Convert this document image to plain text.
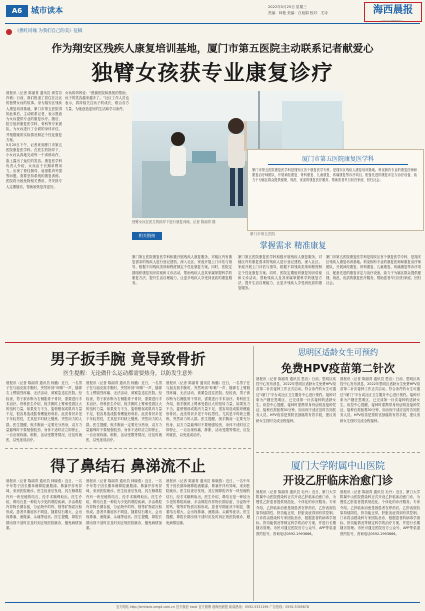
A6	城市读本	2022年5月25日 星期三
责编：林艳 美编：白旭娟 校对：尤诗	海西晨报
HAIXI CHENBAO
《携红同缘 为我们自己的美》征稿
作为翔安区残疾人康复培训基地，厦门市第五医院主动联系记者献爱心
独臂女孩获专业康复诊疗
晨报讯（记者 陈丽青 通讯员 黄雪芬 肖敏）日前，我们报道了居住在社区的独臂女孩的故事。身为翔安区残疾人康复培训基地，厦门市第五医院得知此事后，主动联系记者，表示愿意为女孩提供专业的康复诊疗。随后，院方组织康复医学科、骨科等专家团队，为女孩进行了全面的身体评估，并根据她的实际情况制定个性化康复方案。
5月20日下午，记者来到厦门市第五医院康复医学科。在医生的指导下，小女孩认真地完成每一个训练动作，脸上露出了灿烂的笑容。康复医学科负责人介绍，女孩由于长期单臂用力，出现了脊柱侧弯、肩颈肌肉劳损等问题，需要坚持系统的康复训练。医院将为她免除相关费用，并安排专人定期随访，帮助她恢复得更好。
女孩的妈妈说：“感谢医院和晨报的帮助，孩子的笑容越来越多了。”社区工作人员也表示，将持续关注孩子的成长，联合各方力量，为她创造更好的生活和学习条件。
独臂女孩在医生的指导下进行康复训练。记者 陈丽青 摄
厦门市第五医院康复医学科
厦门市第五医院康复医学科是翔安区首个康复医学专科，是翔安区残疾人康复培训基地。科室拥有专业的康复医师和康复治疗师团队，开展神经康复、骨科康复、儿童康复、疼痛康复等诊疗项目，配备先进的康复评定与治疗设备，致力于为辖区群众提供便捷、规范、优质的康复医疗服务，帮助患者早日回归家庭、回归社会。
相关链接	厦门市第五医院
掌握需求 精准康复
厦门第五医院康复医学科积极开展残疾人康复服务，对辖区内有康复需求的残疾人进行登记建档，深入社区、家庭开展上门评估与指导，根据不同残疾类别和程度制定个性化康复方案。同时，医院定期组织康复知识讲座和义诊活动，帮助残疾人及其家属掌握科学的康复方法，提升生活自理能力，让更多残疾人享受到优质的康复服务。
厦门第五医院康复医学科积极开展残疾人康复服务，对辖区内有康复需求的残疾人进行登记建档，深入社区、家庭开展上门评估与指导，根据不同残疾类别和程度制定个性化康复方案。同时，医院定期组织康复知识讲座和义诊活动，帮助残疾人及其家属掌握科学的康复方法，提升生活自理能力，让更多残疾人享受到优质的康复服务。
厦门市第五医院康复医学科是翔安区首个康复医学专科，是翔安区残疾人康复培训基地。科室拥有专业的康复医师和康复治疗师团队，开展神经康复、骨科康复、儿童康复、疼痛康复等诊疗项目，配备先进的康复评定与治疗设备，致力于为辖区群众提供便捷、规范、优质的康复医疗服务，帮助患者早日回归家庭、回归社会。
男子扳手腕 竟导致骨折
医生提醒：无论做什么运动都需要热身，以防发生意外
晨报讯（记者 陈丽青 通讯员 杨璐）近日，一名男子在与朋友扳手腕时，突然听到“咔嚓”一声，随即右上臂剧烈疼痛、无法活动，被紧急送往医院。经检查，男子被诊断为右侧肱骨干骨折，需要进行手术治疗。骨科医生介绍，扳手腕时上臂承受着巨大的扭转力量，如果发力不当、姿势错误或肌肉力量不足，很容易造成肱骨螺旋形骨折。此类骨折多见于年轻男性，尤其是平时缺乏锻炼、突然用力的人群。医生提醒，扳手腕前一定要充分热身，双方力量悬殊时不要勉强较劲，身体不适时应立即停止，一旦出现疼痛、肿胀、活动受限等情况，应及时就医，以免延误治疗。
晨报讯（记者 陈丽青 通讯员 杨璐）近日，一名男子在与朋友扳手腕时，突然听到“咔嚓”一声，随即右上臂剧烈疼痛、无法活动，被紧急送往医院。经检查，男子被诊断为右侧肱骨干骨折，需要进行手术治疗。骨科医生介绍，扳手腕时上臂承受着巨大的扭转力量，如果发力不当、姿势错误或肌肉力量不足，很容易造成肱骨螺旋形骨折。此类骨折多见于年轻男性，尤其是平时缺乏锻炼、突然用力的人群。医生提醒，扳手腕前一定要充分热身，双方力量悬殊时不要勉强较劲，身体不适时应立即停止，一旦出现疼痛、肿胀、活动受限等情况，应及时就医，以免延误治疗。
晨报讯（记者 陈丽青 通讯员 杨璐）近日，一名男子在与朋友扳手腕时，突然听到“咔嚓”一声，随即右上臂剧烈疼痛、无法活动，被紧急送往医院。经检查，男子被诊断为右侧肱骨干骨折，需要进行手术治疗。骨科医生介绍，扳手腕时上臂承受着巨大的扭转力量，如果发力不当、姿势错误或肌肉力量不足，很容易造成肱骨螺旋形骨折。此类骨折多见于年轻男性，尤其是平时缺乏锻炼、突然用力的人群。医生提醒，扳手腕前一定要充分热身，双方力量悬殊时不要勉强较劲，身体不适时应立即停止，一旦出现疼痛、肿胀、活动受限等情况，应及时就医，以免延误治疗。
得了鼻结石 鼻涕流不止
晨报讯（记者 陈丽青 通讯员 林晓燕）近日，一名中年男子因长期单侧鼻腔流脓涕、鼻塞并伴有异味，来到医院就诊。医生检查后发现，其左侧鼻腔内有一块坚硬的结石，经手术顺利取出。医生介绍，鼻结石是一种较为少见的鼻腔疾病，多由鼻腔内异物长期存留，分泌物中的钙、镁等矿物质沉积形成。患者早期症状不明显，随着结石增大，会出现鼻塞、流脓涕、头痛等症状。医生提醒，鼻腔长期出现不适时应及时到正规医院就诊，避免病情加重。
晨报讯（记者 陈丽青 通讯员 林晓燕）近日，一名中年男子因长期单侧鼻腔流脓涕、鼻塞并伴有异味，来到医院就诊。医生检查后发现，其左侧鼻腔内有一块坚硬的结石，经手术顺利取出。医生介绍，鼻结石是一种较为少见的鼻腔疾病，多由鼻腔内异物长期存留，分泌物中的钙、镁等矿物质沉积形成。患者早期症状不明显，随着结石增大，会出现鼻塞、流脓涕、头痛等症状。医生提醒，鼻腔长期出现不适时应及时到正规医院就诊，避免病情加重。
晨报讯（记者 陈丽青 通讯员 林晓燕）近日，一名中年男子因长期单侧鼻腔流脓涕、鼻塞并伴有异味，来到医院就诊。医生检查后发现，其左侧鼻腔内有一块坚硬的结石，经手术顺利取出。医生介绍，鼻结石是一种较为少见的鼻腔疾病，多由鼻腔内异物长期存留，分泌物中的钙、镁等矿物质沉积形成。患者早期症状不明显，随着结石增大，会出现鼻塞、流脓涕、头痛等症状。医生提醒，鼻腔长期出现不适时应及时到正规医院就诊，避免病情加重。
思明区适龄女生可预约
免费HPV疫苗第二针次
晨报讯（记者 陈丽青 通讯员 思宣）日前，思明区疾控中心发布消息，2022年思明区适龄女生免费HPV疫苗第二针次接种工作正式启动。符合条件的女生可通过“i厦门”平台或社区卫生服务中心进行预约。接种对象为户籍在思明区、已完成第一针次接种的适龄女生。疾控中心提醒，接种时需携带身份证明及接种凭证，接种后需留观30分钟，如出现不适应及时告知医务人员。HPV疫苗是预防宫颈癌的有效手段，建议适龄女生按时完成全程接种。
晨报讯（记者 陈丽青 通讯员 思宣）日前，思明区疾控中心发布消息，2022年思明区适龄女生免费HPV疫苗第二针次接种工作正式启动。符合条件的女生可通过“i厦门”平台或社区卫生服务中心进行预约。接种对象为户籍在思明区、已完成第一针次接种的适龄女生。疾控中心提醒，接种时需携带身份证明及接种凭证，接种后需留观30分钟，如出现不适应及时告知医务人员。HPV疫苗是预防宫颈癌的有效手段，建议适龄女生按时完成全程接种。
厦门大学附属中山医院
开设乙肝临床治愈门诊
晨报讯（记者 陈丽青 通讯员 毛丹）近日，厦门大学附属中山医院感染科正式开设乙肝临床治愈门诊，为慢性乙肝患者提供规范化、个体化的诊疗服务。专家介绍，乙肝临床治愈是指患者在停药后，乙肝表面抗原持续阴性，肝功能正常，肝脏炎症得到有效控制。门诊将由感染科专家团队坐诊，根据患者的病毒学指标、肝功能情况等制定科学的治疗方案，并进行长期随访管理。市民可通过医院官方公众号、APP等渠道预约挂号，咨询电话0592-2993666。
晨报讯（记者 陈丽青 通讯员 毛丹）近日，厦门大学附属中山医院感染科正式开设乙肝临床治愈门诊，为慢性乙肝患者提供规范化、个体化的诊疗服务。专家介绍，乙肝临床治愈是指患者在停药后，乙肝表面抗原持续阴性，肝功能正常，肝脏炎症得到有效控制。门诊将由感染科专家团队坐诊，根据患者的病毒学指标、肝功能情况等制定科学的治疗方案，并进行长期随访管理。市民可通过医院官方公众号、APP等渠道预约挂号，咨询电话0592-2993666。
官方网站 http://xmhxcb.xmgd.com.cn 官方微信 hxcb 官方微博 @海西晨报 新闻热线：0592-5331199 广告热线：0592-5305678
